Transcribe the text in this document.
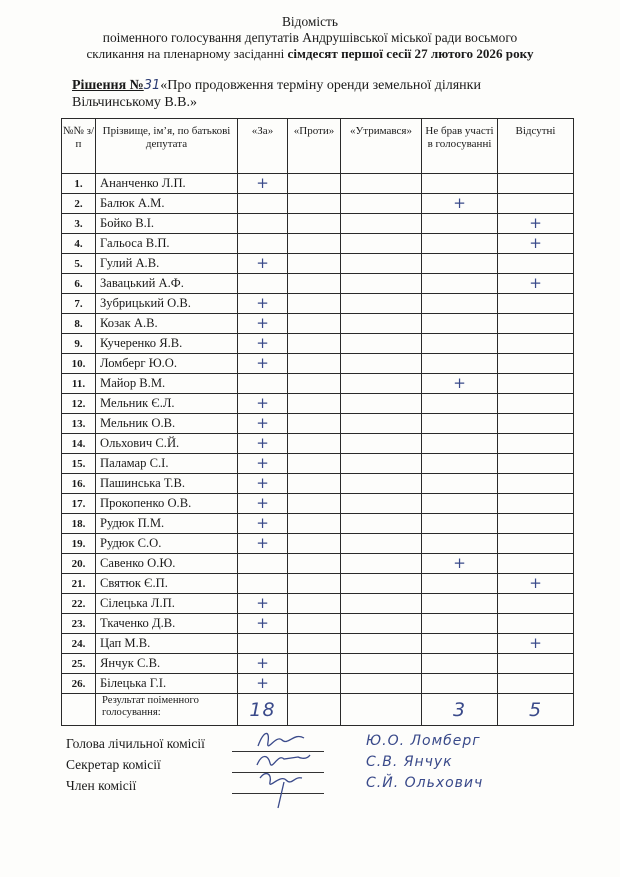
Відомість
поіменного голосування депутатів Андрушівської міської ради восьмого
скликання на пленарному засіданні сімдесят першої сесії 27 лютого 2026 року
Рішення №31«Про продовження терміну оренди земельної ділянки
Вільчинському В.В.»
№№ з/п	Прізвище, ім’я, по батькові депутата	«За»	«Проти»	«Утримався»	Не брав участі в голосуванні	Відсутні
1.	Ананченко Л.П.	+				
2.	Балюк А.М.				+	
3.	Бойко В.І.					+
4.	Гальоса В.П.					+
5.	Гулий А.В.	+				
6.	Завацький А.Ф.					+
7.	Зубрицький О.В.	+				
8.	Козак А.В.	+				
9.	Кучеренко Я.В.	+				
10.	Ломберг Ю.О.	+				
11.	Майор В.М.				+	
12.	Мельник Є.Л.	+				
13.	Мельник О.В.	+				
14.	Ольхович С.Й.	+				
15.	Паламар С.І.	+				
16.	Пашинська Т.В.	+				
17.	Прокопенко О.В.	+				
18.	Рудюк П.М.	+				
19.	Рудюк С.О.	+				
20.	Савенко О.Ю.				+	
21.	Святюк Є.П.					+
22.	Сілецька Л.П.	+				
23.	Ткаченко Д.В.	+				
24.	Цап М.В.					+
25.	Янчук С.В.	+				
26.	Білецька Г.І.	+				
	Результат поіменного голосування:	18			3	5
Голова лічильної комісії	Ю.О. Ломберг
Секретар комісії	С.В. Янчук
Член комісії	С.Й. Ольхович
